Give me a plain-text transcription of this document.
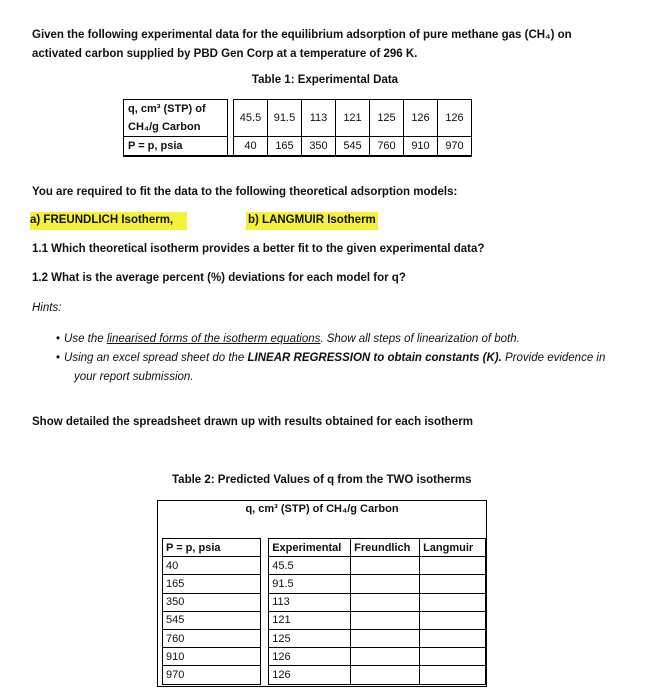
Given the following experimental data for the equilibrium adsorption of pure methane gas (CH₄) on
activated carbon supplied by PBD Gen Corp at a temperature of 296 K.
Table 1: Experimental Data
q, cm³ (STP) of
CH₄/g Carbon		45.5	91.5	113	121	125	126	126
P = p, psia		40	165	350	545	760	910	970
You are required to fit the data to the following theoretical adsorption models:
a) FREUNDLICH Isotherm,	b) LANGMUIR Isotherm
1.1 Which theoretical isotherm provides a better fit to the given experimental data?
1.2 What is the average percent (%) deviations for each model for q?
Hints:
• Use the linearised forms of the isotherm equations. Show all steps of linearization of both.
• Using an excel spread sheet do the LINEAR REGRESSION to obtain constants (K). Provide evidence in
your report submission.
Show detailed the spreadsheet drawn up with results obtained for each isotherm
Table 2: Predicted Values of q from the TWO isotherms
q, cm³ (STP) of CH₄/g Carbon
P = p, psia		Experimental	Freundlich	Langmuir
40		45.5		
165		91.5		
350		113		
545		121		
760		125		
910		126		
970		126		
